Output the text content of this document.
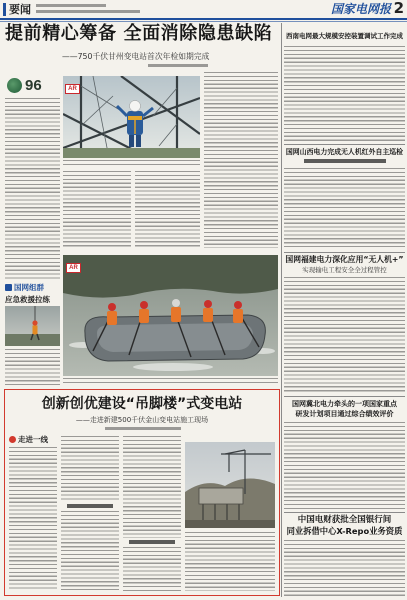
要闻	国家电网报 2
提前精心筹备 全面消除隐患缺陷
——750千伏甘州变电站首次年检如期完成
AR
96
国网组群
应急救援拉练
AR
创新创优建设“吊脚楼”式变电站
——走进新建500千伏金山变电站施工现场
走进一线
西南电网最大规模安控装置调试工作完成
国网山西电力完成无人机红外自主巡检
国网福建电力深化应用“无人机+”
实现输电工程安全全过程管控
国网冀北电力牵头的一项国家重点
研发计划项目通过综合绩效评价
中国电财获批全国银行间
同业拆借中心X-Repo业务资质
